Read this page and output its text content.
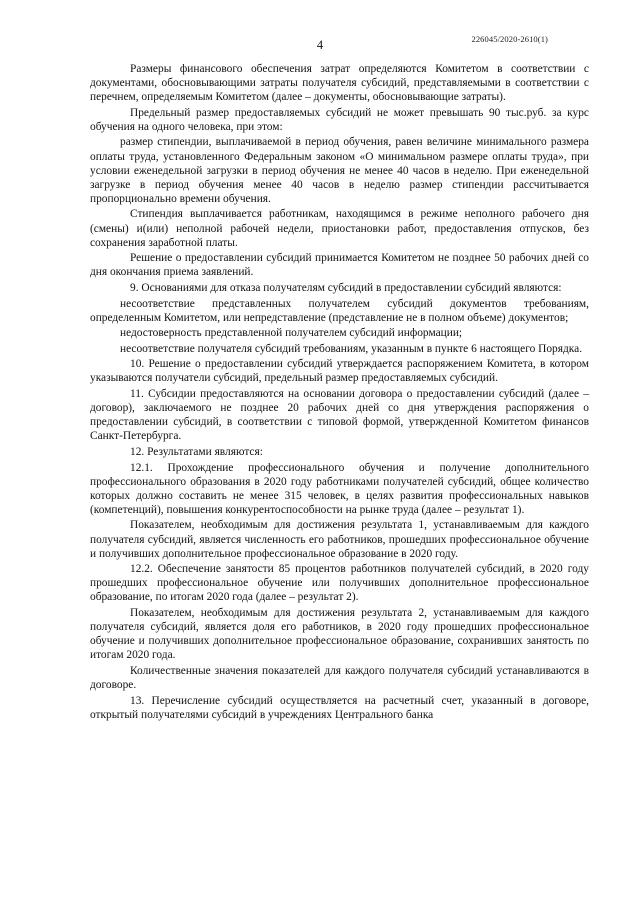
226045/2020-2610(1)
4

Размеры финансового обеспечения затрат определяются Комитетом в соответствии с документами, обосновывающими затраты получателя субсидий, представляемыми в соответствии с перечнем, определяемым Комитетом (далее – документы, обосновывающие затраты).

Предельный размер предоставляемых субсидий не может превышать 90 тыс.руб. за курс обучения на одного человека, при этом:

размер стипендии, выплачиваемой в период обучения, равен величине минимального размера оплаты труда, установленного Федеральным законом «О минимальном размере оплаты труда», при условии еженедельной загрузки в период обучения не менее 40 часов в неделю. При еженедельной загрузке в период обучения менее 40 часов в неделю размер стипендии рассчитывается пропорционально времени обучения.

Стипендия выплачивается работникам, находящимся в режиме неполного рабочего дня (смены) и(или) неполной рабочей недели, приостановки работ, предоставления отпусков, без сохранения заработной платы.

Решение о предоставлении субсидий принимается Комитетом не позднее 50 рабочих дней со дня окончания приема заявлений.

9. Основаниями для отказа получателям субсидий в предоставлении субсидий являются:

несоответствие представленных получателем субсидий документов требованиям, определенным Комитетом, или непредставление (представление не в полном объеме) документов;

недостоверность представленной получателем субсидий информации;

несоответствие получателя субсидий требованиям, указанным в пункте 6 настоящего Порядка.

10. Решение о предоставлении субсидий утверждается распоряжением Комитета, в котором указываются получатели субсидий, предельный размер предоставляемых субсидий.

11. Субсидии предоставляются на основании договора о предоставлении субсидий (далее – договор), заключаемого не позднее 20 рабочих дней со дня утверждения распоряжения о предоставлении субсидий, в соответствии с типовой формой, утвержденной Комитетом финансов Санкт-Петербурга.

12. Результатами являются:

12.1. Прохождение профессионального обучения и получение дополнительного профессионального образования в 2020 году работниками получателей субсидий, общее количество которых должно составить не менее 315 человек, в целях развития профессиональных навыков (компетенций), повышения конкурентоспособности на рынке труда (далее – результат 1).

Показателем, необходимым для достижения результата 1, устанавливаемым для каждого получателя субсидий, является численность его работников, прошедших профессиональное обучение и получивших дополнительное профессиональное образование в 2020 году.

12.2. Обеспечение занятости 85 процентов работников получателей субсидий, в 2020 году прошедших профессиональное обучение или получивших дополнительное профессиональное образование, по итогам 2020 года (далее – результат 2).

Показателем, необходимым для достижения результата 2, устанавливаемым для каждого получателя субсидий, является доля его работников, в 2020 году прошедших профессиональное обучение и получивших дополнительное профессиональное образование, сохранивших занятость по итогам 2020 года.

Количественные значения показателей для каждого получателя субсидий устанавливаются в договоре.

13. Перечисление субсидий осуществляется на расчетный счет, указанный в договоре, открытый получателями субсидий в учреждениях Центрального банка
